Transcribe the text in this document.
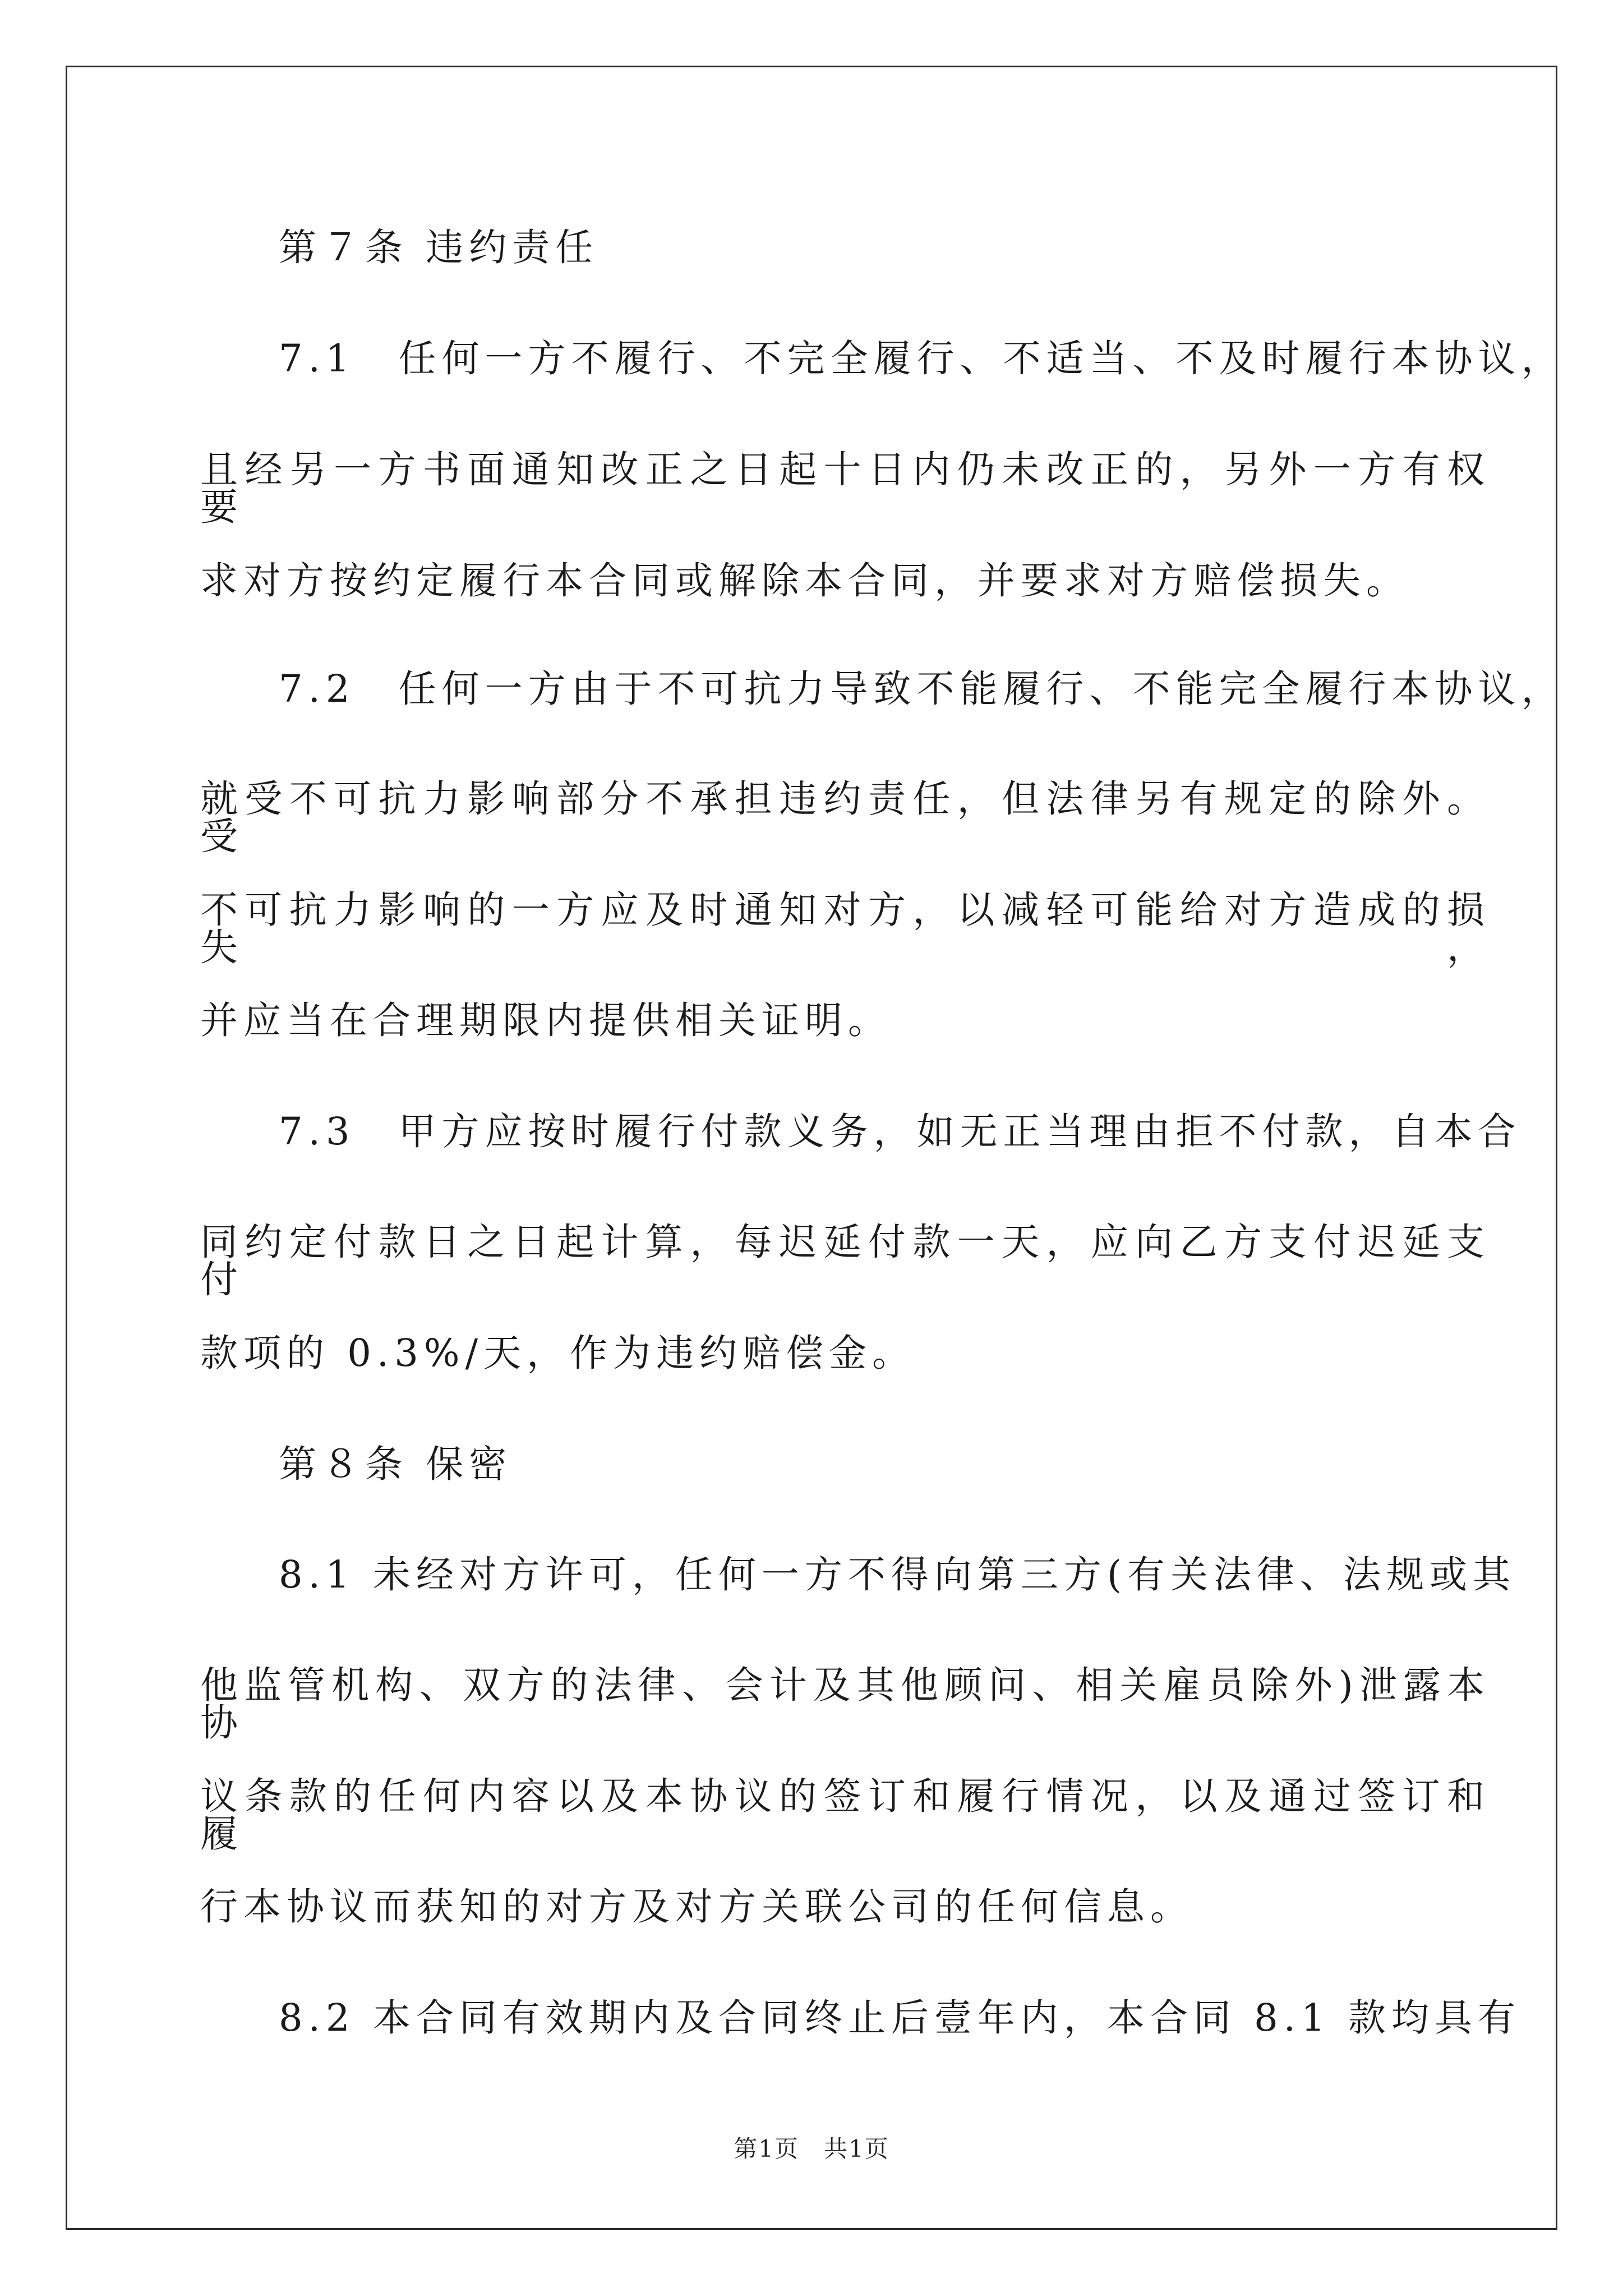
第７条 违约责任
7.1　任何一方不履行、不完全履行、不适当、不及时履行本协议，
且经另一方书面通知改正之日起十日内仍未改正的，另外一方有权要
求对方按约定履行本合同或解除本合同，并要求对方赔偿损失。
7.2　任何一方由于不可抗力导致不能履行、不能完全履行本协议，
就受不可抗力影响部分不承担违约责任，但法律另有规定的除外。受
不可抗力影响的一方应及时通知对方，以减轻可能给对方造成的损失，
并应当在合理期限内提供相关证明。
7.3　甲方应按时履行付款义务，如无正当理由拒不付款，自本合
同约定付款日之日起计算，每迟延付款一天，应向乙方支付迟延支付
款项的 0.3%/天，作为违约赔偿金。
第８条 保密
8.1 未经对方许可，任何一方不得向第三方(有关法律、法规或其
他监管机构、双方的法律、会计及其他顾问、相关雇员除外)泄露本协
议条款的任何内容以及本协议的签订和履行情况，以及通过签订和履
行本协议而获知的对方及对方关联公司的任何信息。
8.2 本合同有效期内及合同终止后壹年内，本合同 8.1 款均具有
第1页　共1页
